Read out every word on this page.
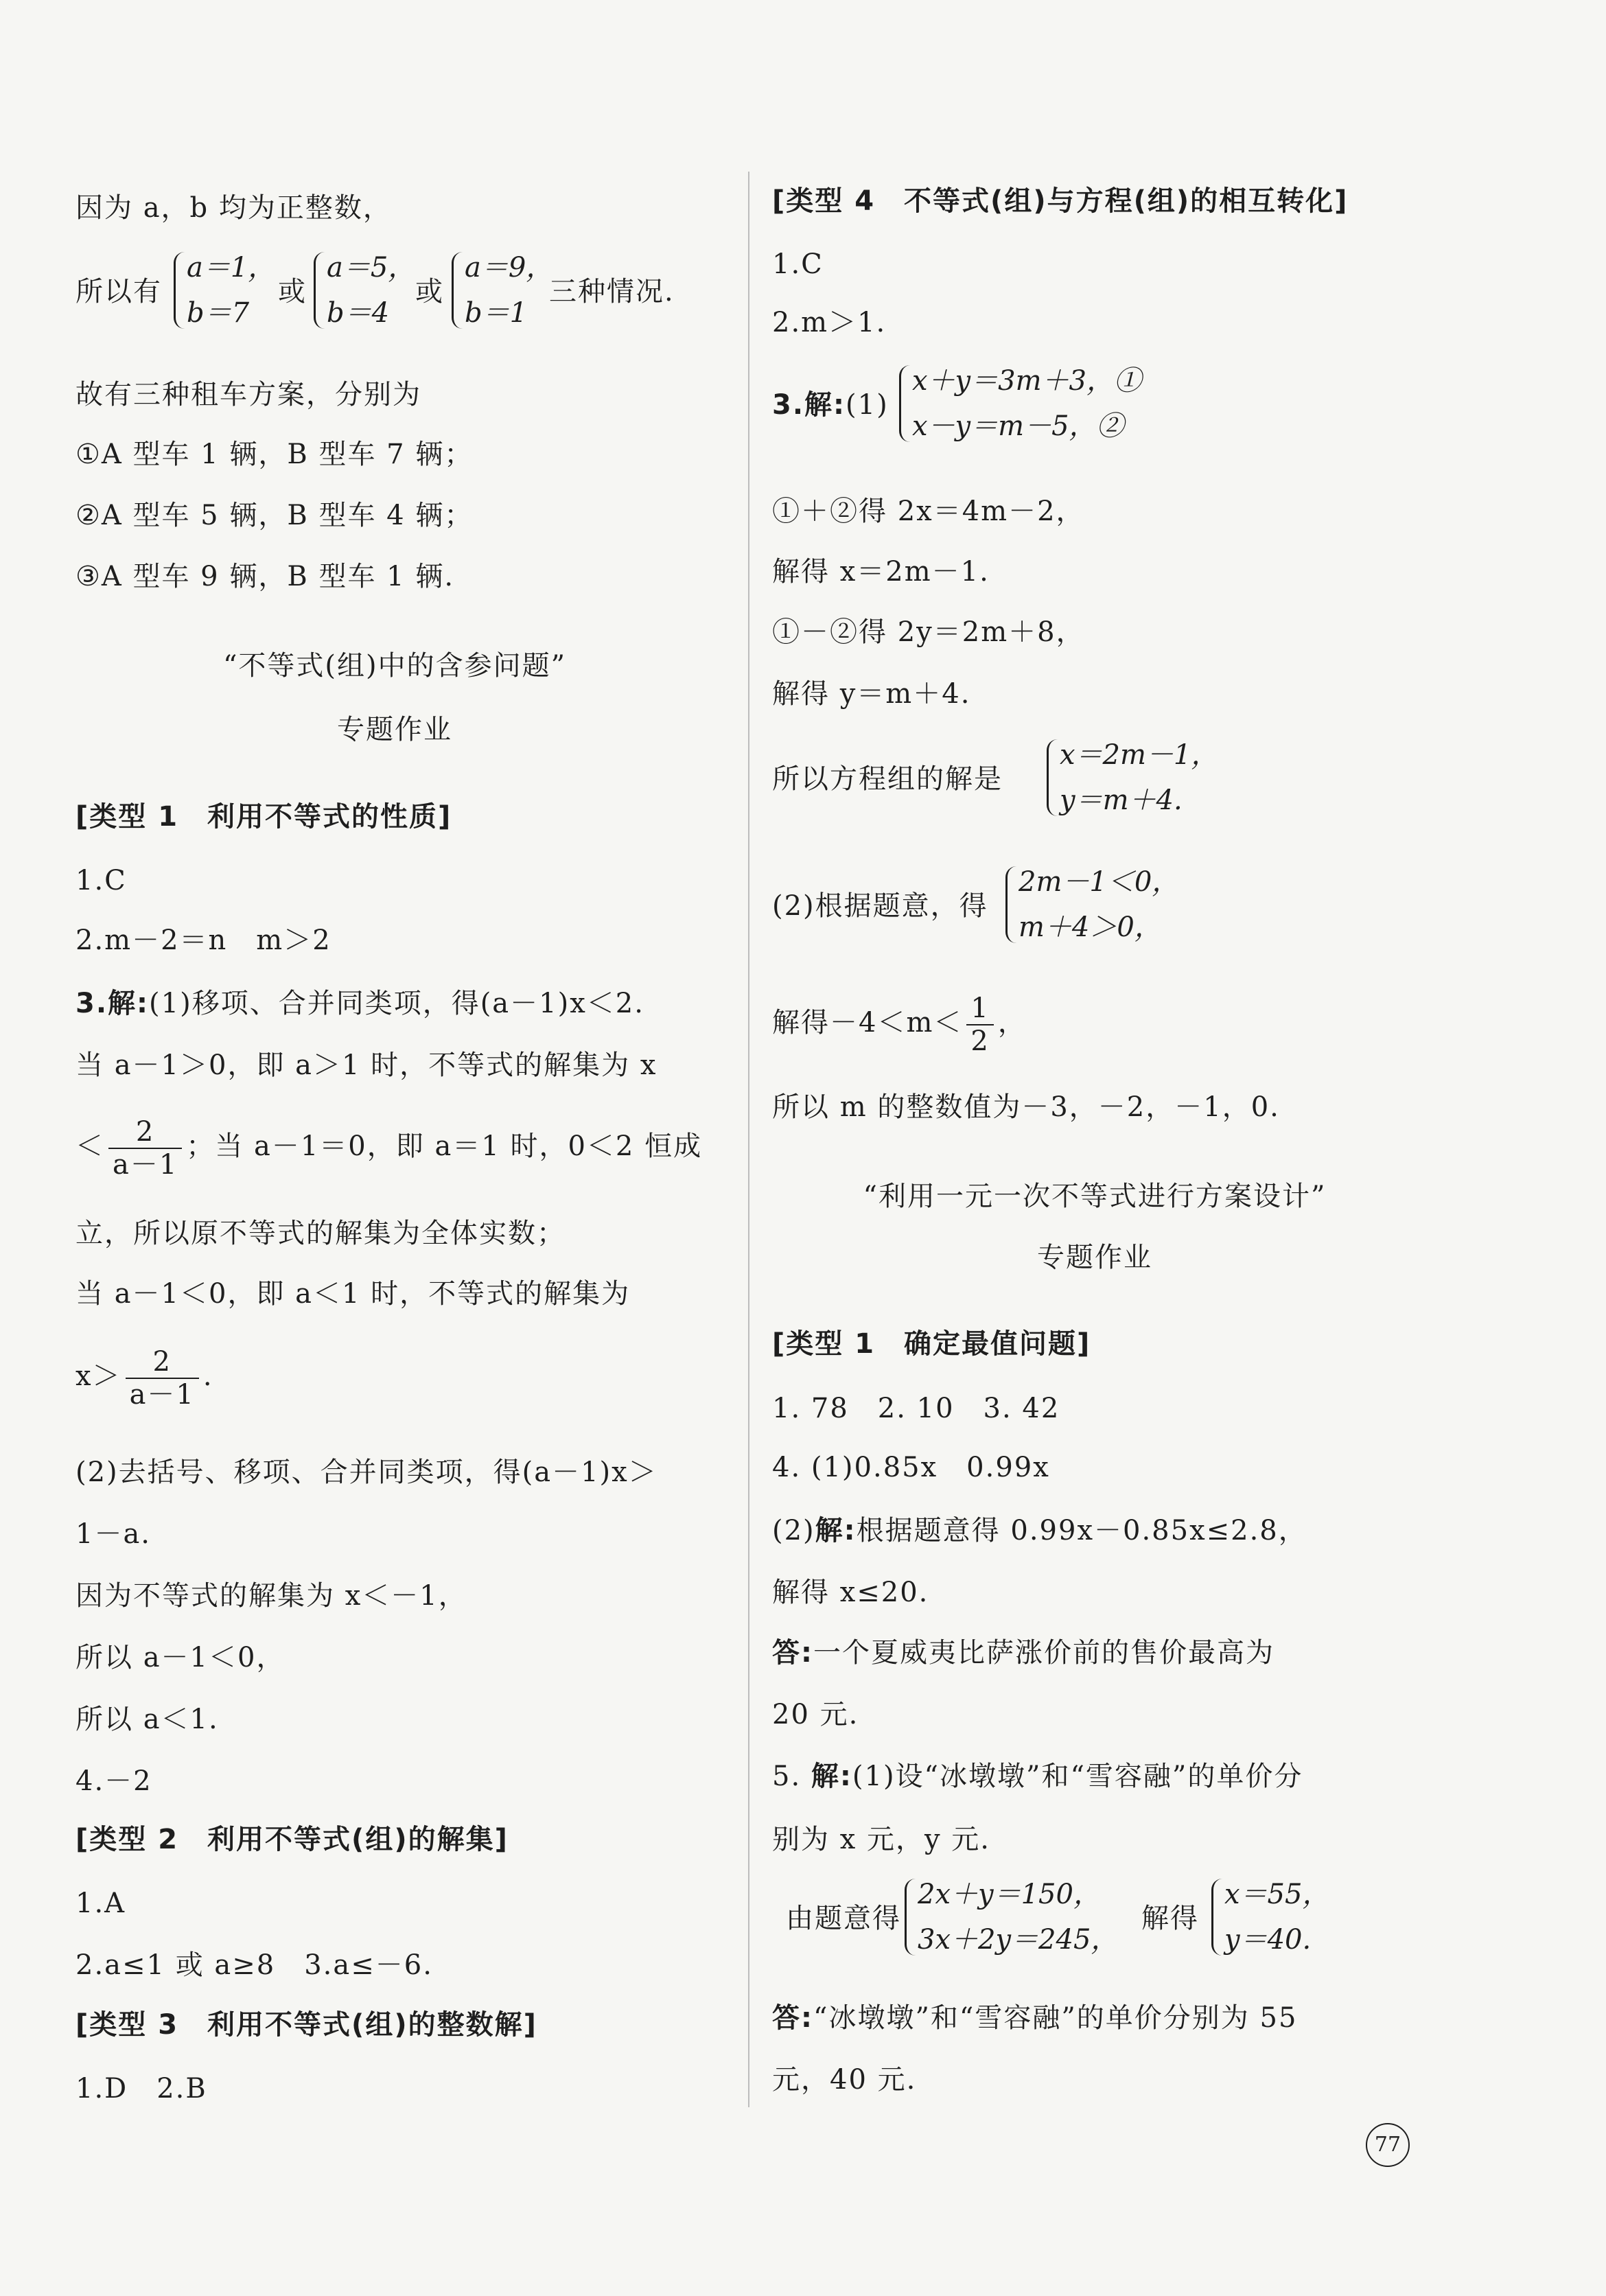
因为 a，b 均为正整数，
所以有
a＝1，
b＝7
或
a＝5，
b＝4
或
a＝9，
b＝1
三种情况.
故有三种租车方案，分别为
①A 型车 1 辆，B 型车 7 辆；
②A 型车 5 辆，B 型车 4 辆；
③A 型车 9 辆，B 型车 1 辆.
“不等式(组)中的含参问题”
专题作业
[类型 1　利用不等式的性质]
1.C
2.m－2＝n　m＞2
3.解:(1)移项、合并同类项，得(a－1)x＜2.
当 a－1＞0，即 a＞1 时，不等式的解集为 x
＜ $\frac{2}{a-1}$ ；当 a－1＝0，即 a＝1 时，0＜2 恒成
立，所以原不等式的解集为全体实数；
当 a－1＜0，即 a＜1 时，不等式的解集为
$x> \frac{2}{a-1}$ .
(2)去括号、移项、合并同类项，得(a－1)x＞
1－a.
因为不等式的解集为 x＜－1，
所以 a－1＜0，
所以 a＜1.
4.－2
[类型 2　利用不等式(组)的解集]
1.A
2.a≤1 或 a≥8　3.a≤－6.
[类型 3　利用不等式(组)的整数解]
1.D　2.B
[类型 4　不等式(组)与方程(组)的相互转化]
1.C
2.m＞1.
3.解:(1)
x＋y＝3m＋3，①
x－y＝m－5，②
①＋②得 2x＝4m－2，
解得 x＝2m－1.
①－②得 2y＝2m＋8，
解得 y＝m＋4.
所以方程组的解是
x＝2m－1，
y＝m＋4.
(2)根据题意，得
2m－1＜0，
m＋4＞0，
解得$-4<m< \frac{1}{2}$ ，
所以 m 的整数值为－3，－2，－1，0.
“利用一元一次不等式进行方案设计”
专题作业
[类型 1　确定最值问题]
1. 78　2. 10　3. 42
4. (1)0.85x　0.99x
(2)解:根据题意得 0.99x－0.85x≤2.8，
解得 x≤20.
答:一个夏威夷比萨涨价前的售价最高为
20 元.
5. 解:(1)设“冰墩墩”和“雪容融”的单价分
别为 x 元，y 元.
由题意得
2x＋y＝150，
3x＋2y＝245，
解得
x＝55，
y＝40.
答:“冰墩墩”和“雪容融”的单价分别为 55
元，40 元.
77
